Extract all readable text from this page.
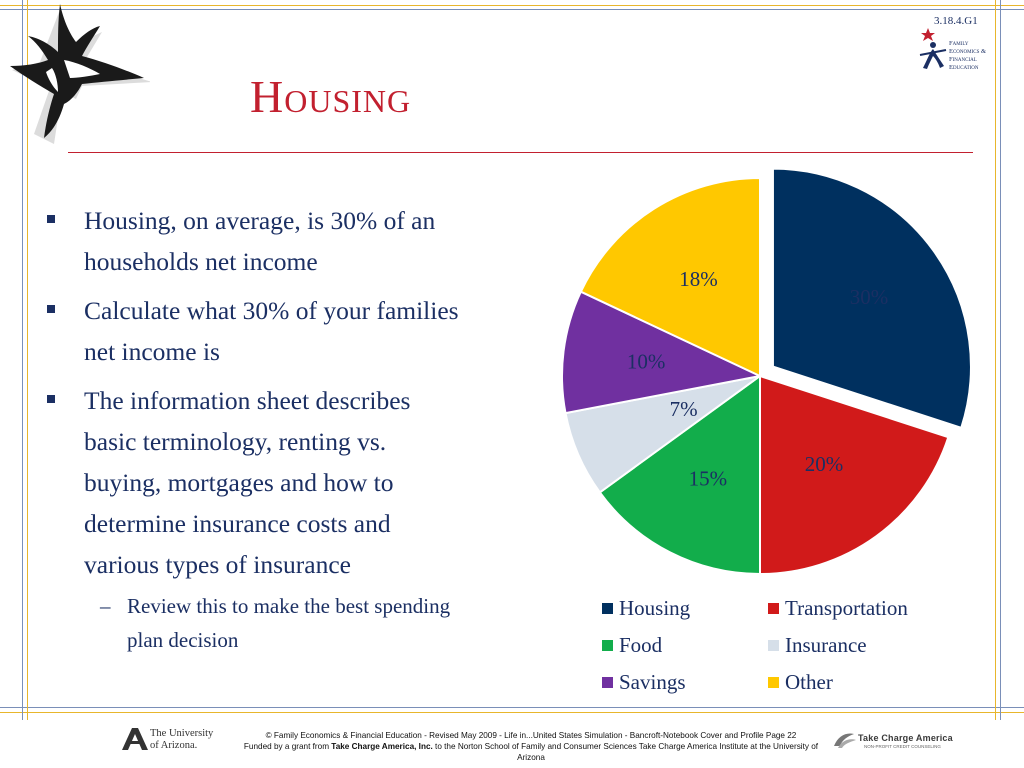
3.18.4.G1
Family
Economics &
Financial
Education
Housing
Housing, on average, is 30% of an households net income
Calculate what 30% of your families net income is
The information sheet describes basic terminology, renting vs. buying, mortgages and how to determine insurance costs and various types of insurance
– Review this to make the best spending plan decision
30%
20%
15%
7%
10%
18%
Housing	Transportation
Food	Insurance
Savings	Other
The University
of Arizona.
© Family Economics & Financial Education - Revised May 2009 - Life in...United States Simulation - Bancroft-Notebook Cover and Profile Page 22
Funded by a grant from Take Charge America, Inc. to the Norton School of Family and Consumer Sciences Take Charge America Institute at the University of Arizona
Take Charge America
NON-PROFIT CREDIT COUNSELING
